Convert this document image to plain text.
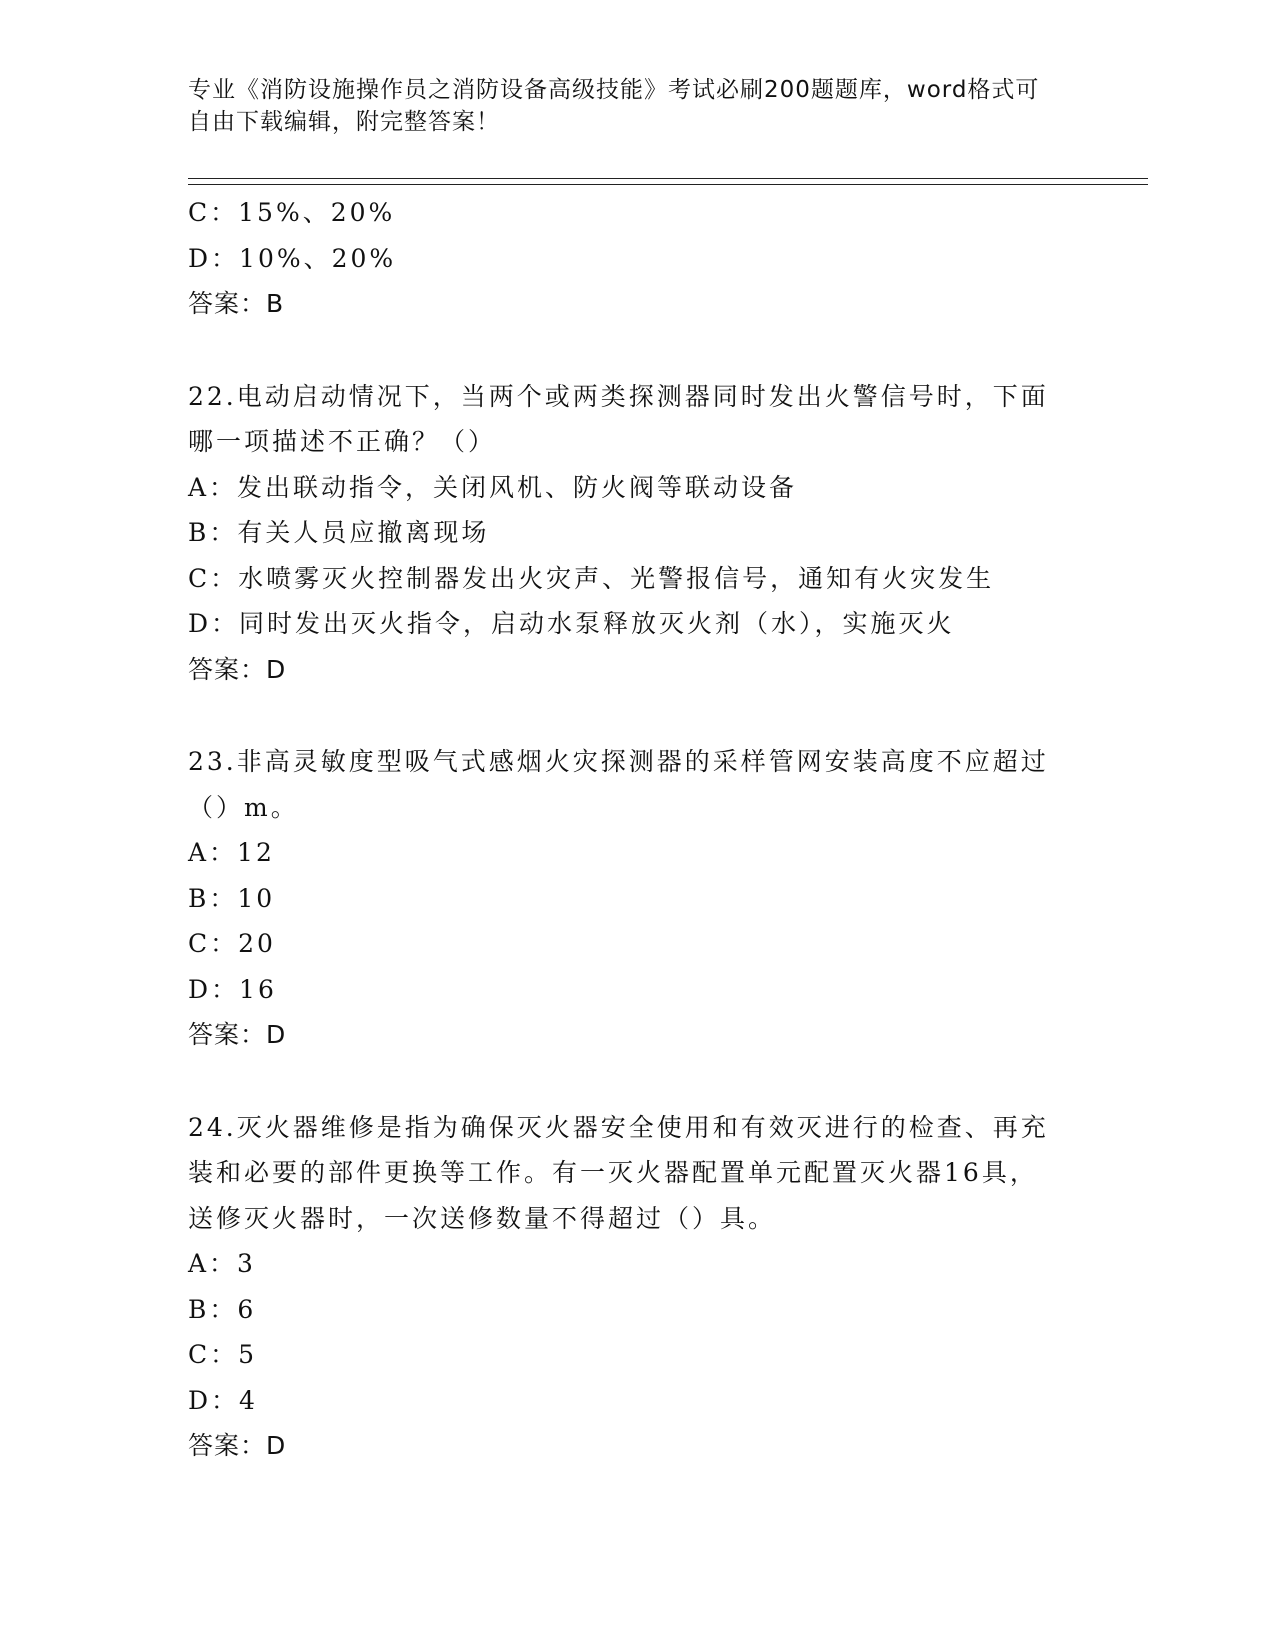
专业《消防设施操作员之消防设备高级技能》考试必刷200题题库，word格式可
自由下载编辑，附完整答案！
C：15%、20%
D：10%、20%
答案：B
22.电动启动情况下，当两个或两类探测器同时发出火警信号时，下面
哪一项描述不正确？（）
A：发出联动指令，关闭风机、防火阀等联动设备
B：有关人员应撤离现场
C：水喷雾灭火控制器发出火灾声、光警报信号，通知有火灾发生
D：同时发出灭火指令，启动水泵释放灭火剂（水），实施灭火
答案：D
23.非高灵敏度型吸气式感烟火灾探测器的采样管网安装高度不应超过
（）m。
A：12
B：10
C：20
D：16
答案：D
24.灭火器维修是指为确保灭火器安全使用和有效灭进行的检查、再充
装和必要的部件更换等工作。有一灭火器配置单元配置灭火器16具，
送修灭火器时，一次送修数量不得超过（）具。
A：3
B：6
C：5
D：4
答案：D
